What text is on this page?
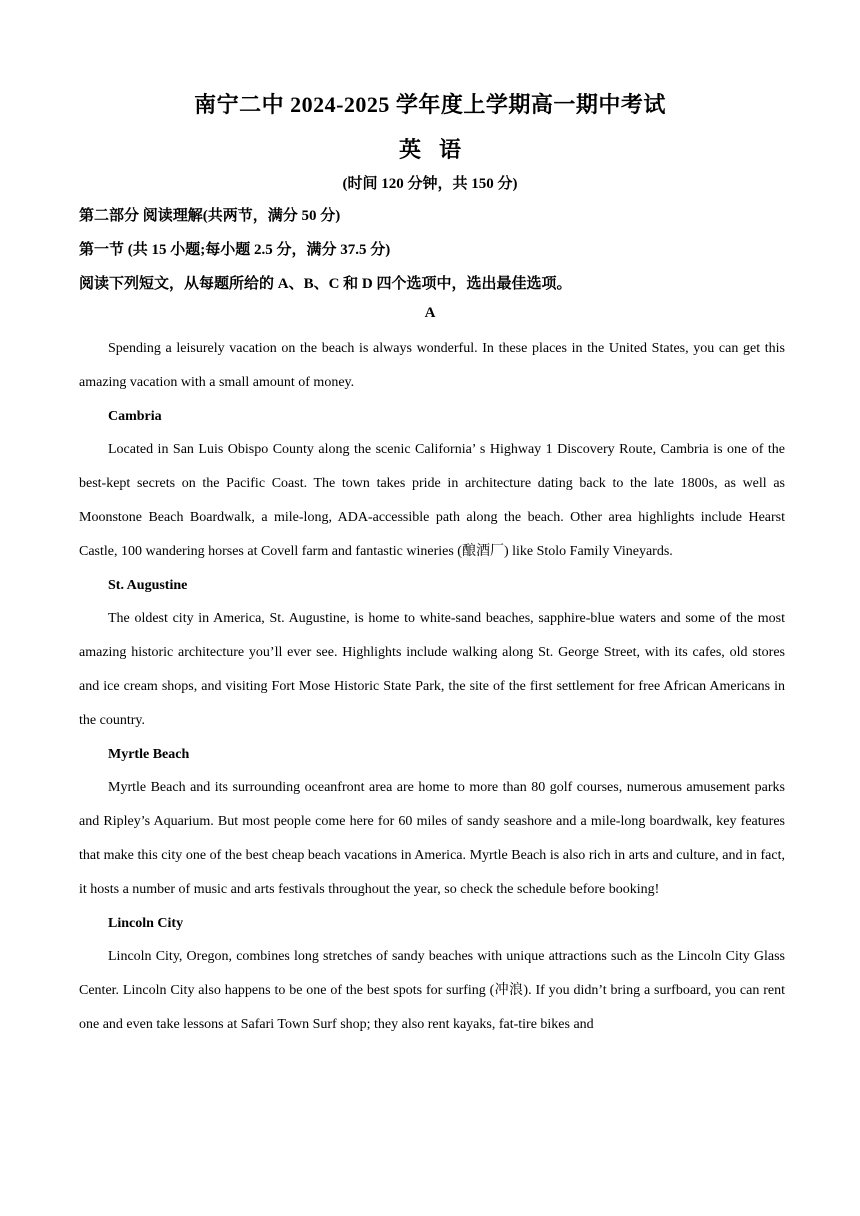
南宁二中 2024-2025 学年度上学期高一期中考试
英语
(时间 120 分钟，共 150 分)
第二部分 阅读理解(共两节，满分 50 分)
第一节 (共 15 小题;每小题 2.5 分，满分 37.5 分)
阅读下列短文，从每题所给的 A、B、C 和 D 四个选项中，选出最佳选项。
A

Spending a leisurely vacation on the beach is always wonderful. In these places in the United States, you can get this amazing vacation with a small amount of money.

Cambria

Located in San Luis Obispo County along the scenic California’ s Highway 1 Discovery Route, Cambria is one of the best-kept secrets on the Pacific Coast. The town takes pride in architecture dating back to the late 1800s, as well as Moonstone Beach Boardwalk, a mile-long, ADA-accessible path along the beach. Other area highlights include Hearst Castle, 100 wandering horses at Covell farm and fantastic wineries (酿酒厂) like Stolo Family Vineyards.

St. Augustine

The oldest city in America, St. Augustine, is home to white-sand beaches, sapphire-blue waters and some of the most amazing historic architecture you’ll ever see. Highlights include walking along St. George Street, with its cafes, old stores and ice cream shops, and visiting Fort Mose Historic State Park, the site of the first settlement for free African Americans in the country.

Myrtle Beach

Myrtle Beach and its surrounding oceanfront area are home to more than 80 golf courses, numerous amusement parks and Ripley’s Aquarium. But most people come here for 60 miles of sandy seashore and a mile-long boardwalk, key features that make this city one of the best cheap beach vacations in America. Myrtle Beach is also rich in arts and culture, and in fact, it hosts a number of music and arts festivals throughout the year, so check the schedule before booking!

Lincoln City

Lincoln City, Oregon, combines long stretches of sandy beaches with unique attractions such as the Lincoln City Glass Center. Lincoln City also happens to be one of the best spots for surfing (冲浪). If you didn’t bring a surfboard, you can rent one and even take lessons at Safari Town Surf shop; they also rent kayaks, fat-tire bikes and
